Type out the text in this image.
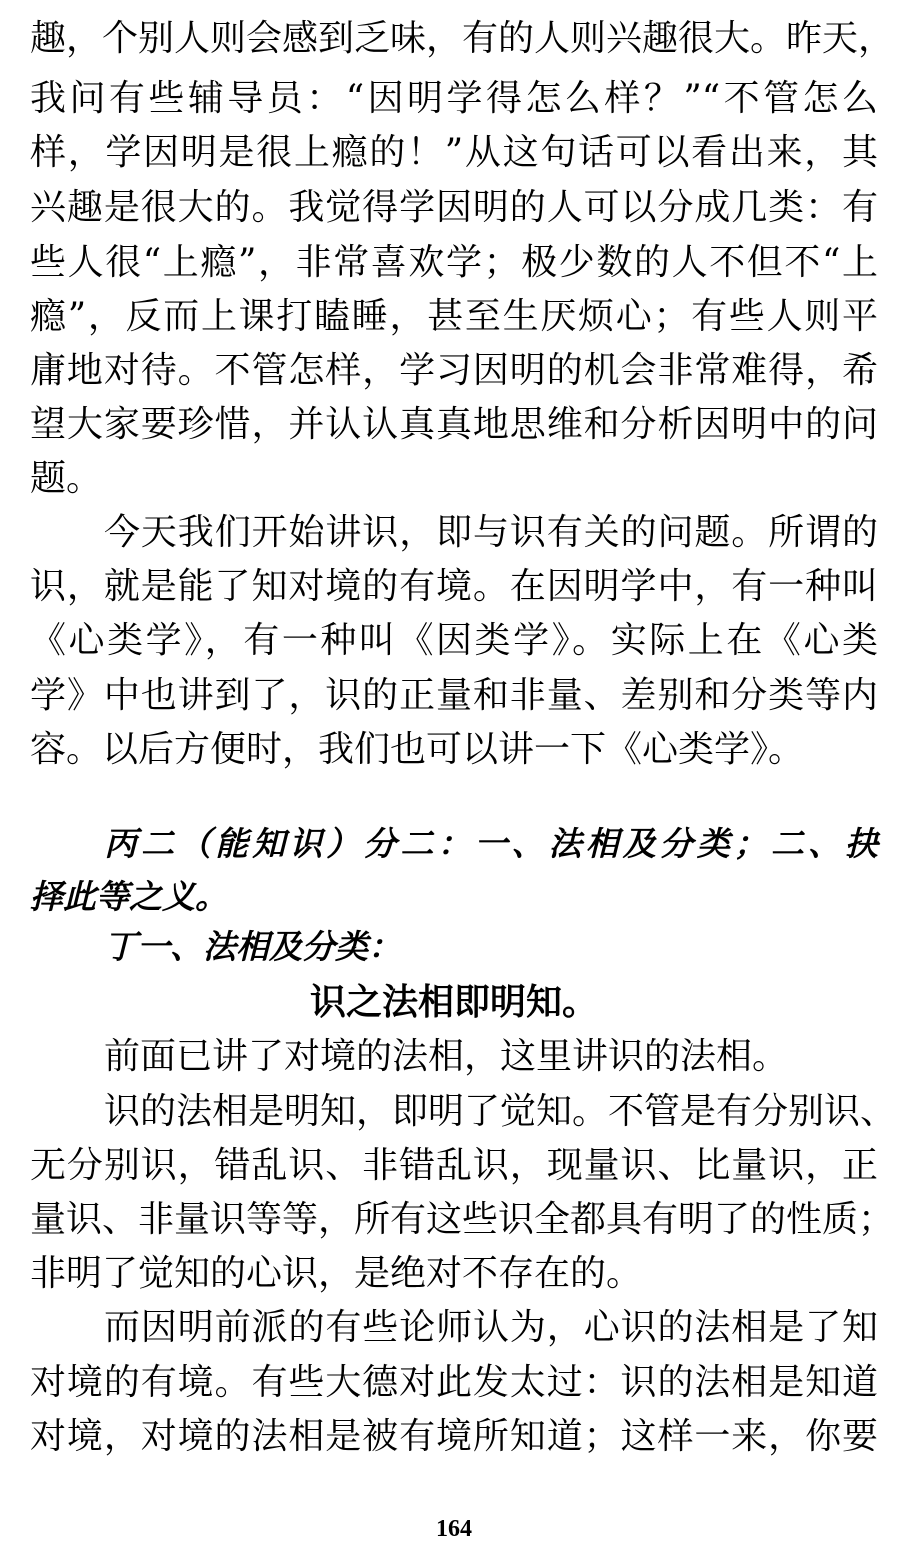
趣，个别人则会感到乏味，有的人则兴趣很大。昨天，
我问有些辅导员：“因明学得怎么样？”“不管怎么
样，学因明是很上瘾的！”从这句话可以看出来，其
兴趣是很大的。我觉得学因明的人可以分成几类：有
些人很“上瘾”，非常喜欢学；极少数的人不但不“上
瘾”，反而上课打瞌睡，甚至生厌烦心；有些人则平
庸地对待。不管怎样，学习因明的机会非常难得，希
望大家要珍惜，并认认真真地思维和分析因明中的问
题。
今天我们开始讲识，即与识有关的问题。所谓的
识，就是能了知对境的有境。在因明学中，有一种叫
《心类学》，有一种叫《因类学》。实际上在《心类
学》中也讲到了，识的正量和非量、差别和分类等内
容。以后方便时，我们也可以讲一下《心类学》。
丙二（能知识）分二：一、法相及分类；二、抉
择此等之义。
丁一、法相及分类：
识之法相即明知。
前面已讲了对境的法相，这里讲识的法相。
识的法相是明知，即明了觉知。不管是有分别识、
无分别识，错乱识、非错乱识，现量识、比量识，正
量识、非量识等等，所有这些识全都具有明了的性质；
非明了觉知的心识，是绝对不存在的。
而因明前派的有些论师认为，心识的法相是了知
对境的有境。有些大德对此发太过：识的法相是知道
对境，对境的法相是被有境所知道；这样一来，你要
164
